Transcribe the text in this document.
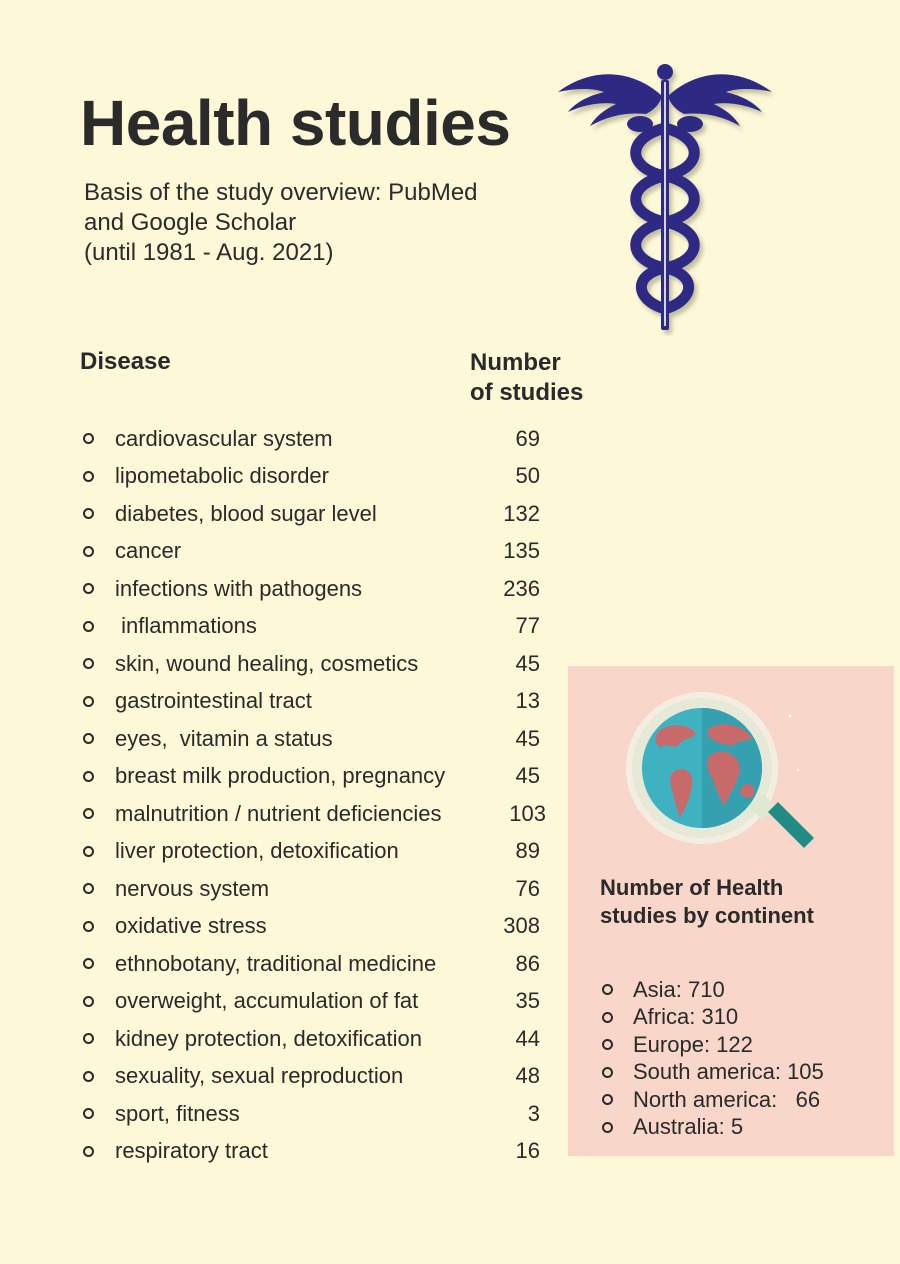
Health studies
Basis of the study overview: PubMed
and Google Scholar
(until 1981 - Aug. 2021)
Disease	Number
of studies
cardiovascular system	69
lipometabolic disorder	50
diabetes, blood sugar level	132
cancer	135
infections with pathogens	236
inflammations	77
skin, wound healing, cosmetics	45
gastrointestinal tract	13
eyes,  vitamin a status	45
breast milk production, pregnancy	45
malnutrition / nutrient deficiencies	103
liver protection, detoxification	89
nervous system	76
oxidative stress	308
ethnobotany, traditional medicine	86
overweight, accumulation of fat	35
kidney protection, detoxification	44
sexuality, sexual reproduction	48
sport, fitness	3
respiratory tract	16
Number of Health
studies by continent
Asia: 710
Africa: 310
Europe: 122
South america: 105
North america:   66
Australia: 5
